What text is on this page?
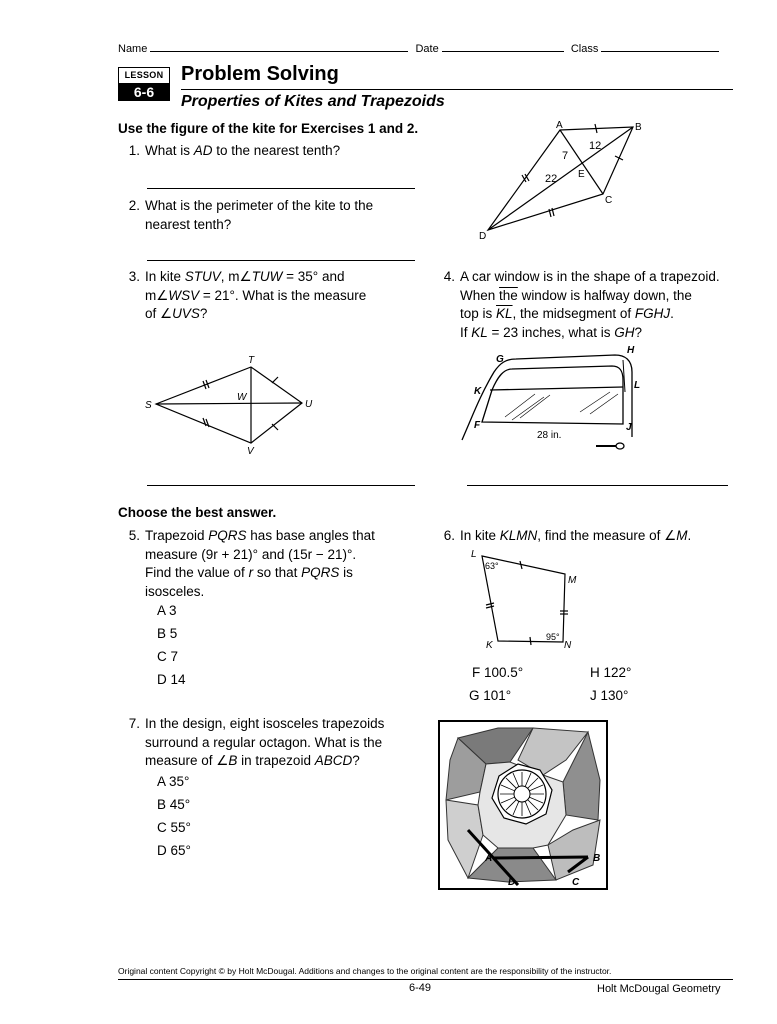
Name	Date	Class
LESSON
6-6
Problem Solving
Properties of Kites and Trapezoids
Use the figure of the kite for Exercises 1 and 2.
1. What is AD to the nearest tenth?
2. What is the perimeter of the kite to the
nearest tenth?
A	B
C
D
E
7
12
22
3. In kite STUV, m∠TUW = 35° and
m∠WSV = 21°. What is the measure
of ∠UVS?
T
S	U
V
W
4. A car window is in the shape of a trapezoid.
When $\overline{the}$ window is halfway down, the
top is $\overline{KL}$, the midsegment of FGHJ.
If KL = 23 inches, what is GH?
G
H
K
L
F	J
28 in.
Choose the best answer.
5. Trapezoid PQRS has base angles that
measure (9r + 21)° and (15r − 21)°.
Find the value of r so that PQRS is
isosceles.
A 3
B 5
C 7
D 14
6. In kite KLMN, find the measure of ∠M.
L
M
K	N
63°
95°
F 100.5°	H 122°
G 101°	J 130°
7. In the design, eight isosceles trapezoids
surround a regular octagon. What is the
measure of ∠B in trapezoid ABCD?
A 35°
B 45°
C 55°
D 65°
A	B
D	C
Original content Copyright © by Holt McDougal. Additions and changes to the original content are the responsibility of the instructor.
6-49	Holt McDougal Geometry
